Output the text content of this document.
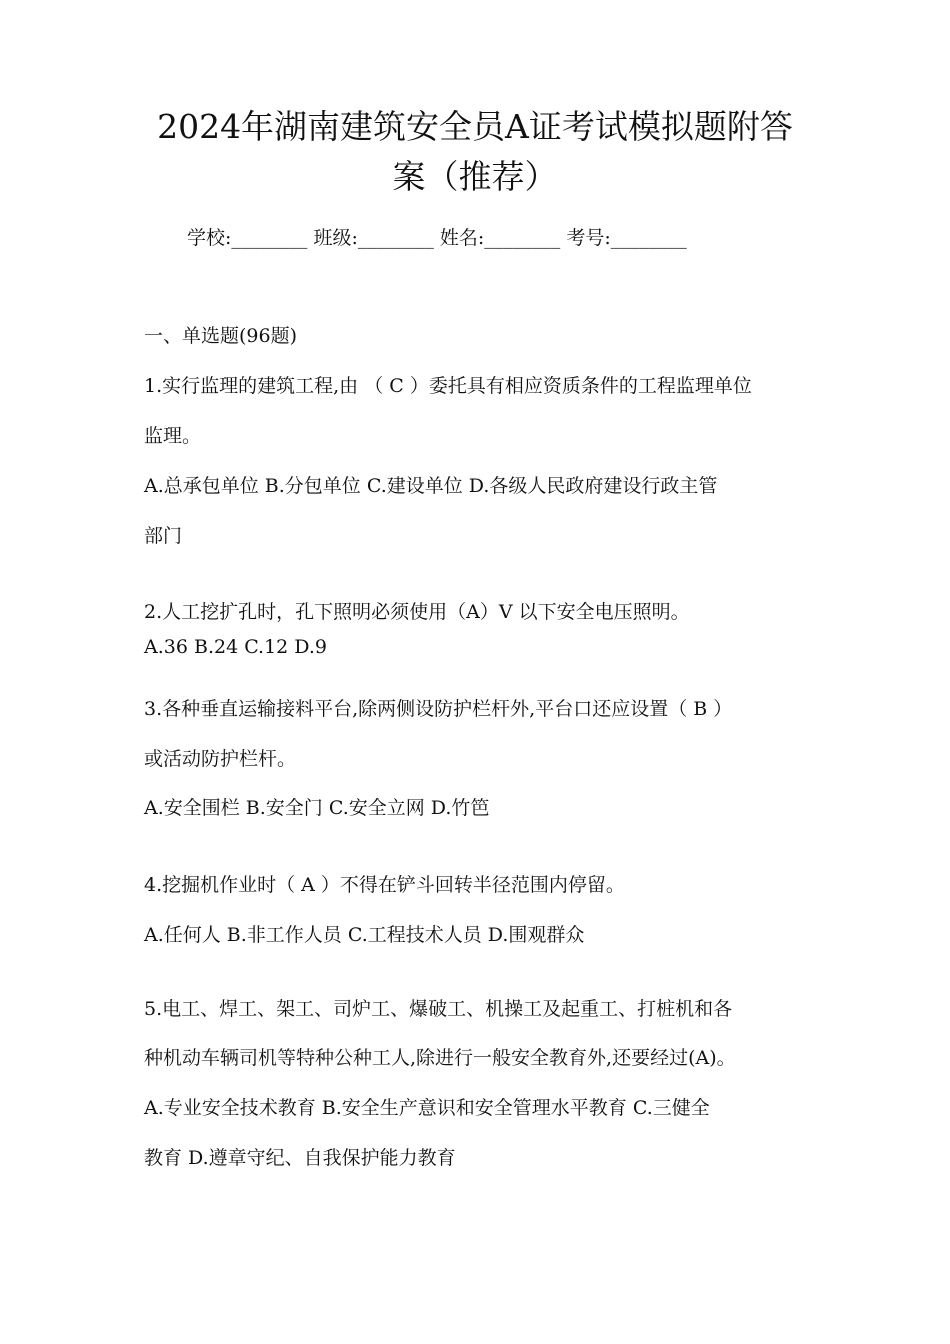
2024年湖南建筑安全员A证考试模拟题附答
案（推荐）
学校:________ 班级:________ 姓名:________ 考号:________
一、单选题(96题)
1.实行监理的建筑工程,由 （ C ）委托具有相应资质条件的工程监理单位
监理。
A.总承包单位 B.分包单位 C.建设单位 D.各级人民政府建设行政主管
部门
2.人工挖扩孔时，孔下照明必须使用（A）V 以下安全电压照明。
A.36 B.24 C.12 D.9
3.各种垂直运输接料平台,除两侧设防护栏杆外,平台口还应设置（ B ）
或活动防护栏杆。
A.安全围栏 B.安全门 C.安全立网 D.竹笆
4.挖掘机作业时（ A ）不得在铲斗回转半径范围内停留。
A.任何人 B.非工作人员 C.工程技术人员 D.围观群众
5.电工、焊工、架工、司炉工、爆破工、机操工及起重工、打桩机和各
种机动车辆司机等特种公种工人,除进行一般安全教育外,还要经过(A)。
A.专业安全技术教育 B.安全生产意识和安全管理水平教育 C.三健全
教育 D.遵章守纪、自我保护能力教育
